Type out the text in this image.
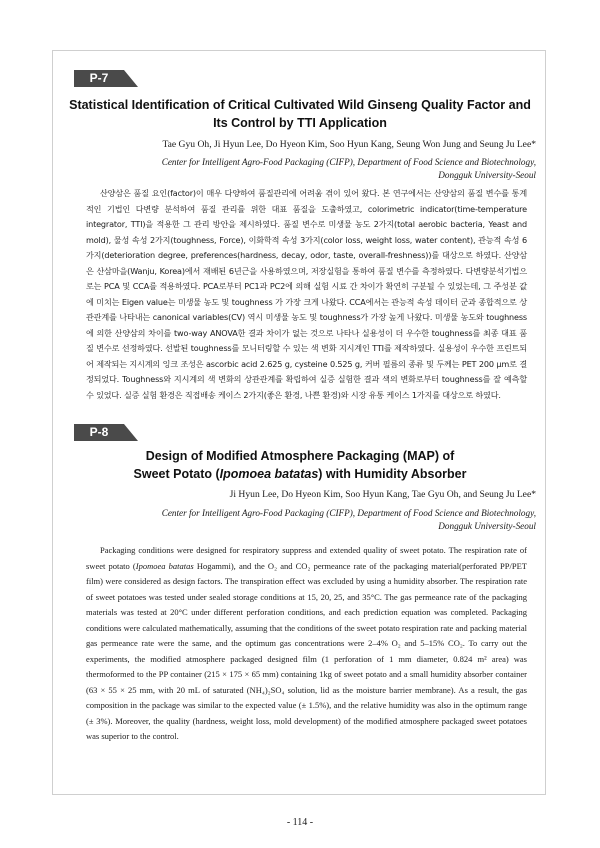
P-7
Statistical Identification of Critical Cultivated Wild Ginseng Quality Factor and
Its Control by TTI Application
Tae Gyu Oh, Ji Hyun Lee, Do Hyeon Kim, Soo Hyun Kang, Seung Won Jung and Seung Ju Lee*
Center for Intelligent Agro-Food Packaging (CIFP), Department of Food Science and Biotechnology,
Dongguk University-Seoul

산양삼은 품질 요인(factor)이 매우 다양하여 품질관리에 어려움 겪이 있어 왔다. 본 연구에서는 산양삼의 품질 변수를 통계적인 기법인 다변량 분석하여 품질 관리를 위한 대표 품질을 도출하였고, colorimetric indicator(time-temperature integrator, TTI)을 적용한 그 관리 방안을 제시하였다. 품질 변수로 미생물 농도 2가지(total aerobic bacteria, Yeast and mold), 물성 속성 2가지(toughness, Force), 이화학적 속성 3가지(color loss, weight loss, water content), 관능적 속성 6가지(deterioration degree, preferences(hardness, decay, odor, taste, overall-freshness))를 대상으로 하였다. 산양삼은 산삼마을(Wanju, Korea)에서 재배된 6년근을 사용하였으며, 저장실험을 통하여 품질 변수를 측정하였다. 다변량분석기법으로는 PCA 및 CCA를 적용하였다. PCA로부터 PC1과 PC2에 의해 실험 시료 간 차이가 확연히 구분될 수 있었는데, 그 주성분 값에 미치는 Eigen value는 미생물 농도 및 toughness 가 가장 크게 나왔다. CCA에서는 관능적 속성 데이터 군과 종합적으로 상관관계를 나타내는 canonical variables(CV) 역시 미생물 농도 및 toughness가 가장 높게 나왔다. 미생물 농도와 toughness에 의한 산양삼의 차이를 two-way ANOVA한 결과 차이가 없는 것으로 나타나 실용성이 더 우수한 toughness를 최종 대표 품질 변수로 선정하였다. 선발된 toughness를 모니터링할 수 있는 색 변화 지시계인 TTI를 제작하였다. 실용성이 우수한 프린트되어 제작되는 지시계의 잉크 조성은 ascorbic acid 2.625 g, cysteine 0.525 g, 커버 필름의 종류 및 두께는 PET 200 μm로 결정되었다. Toughness와 지시계의 색 변화의 상관관계를 확립하여 실증 실험한 결과 색의 변화로부터 toughness를 잘 예측할 수 있었다. 실증 실험 환경은 직접배송 케이스 2가지(좋은 환경, 나쁜 환경)와 시장 유통 케이스 1가지를 대상으로 하였다.

P-8
Design of Modified Atmosphere Packaging (MAP) of
Sweet Potato (Ipomoea batatas) with Humidity Absorber
Ji Hyun Lee, Do Hyeon Kim, Soo Hyun Kang, Tae Gyu Oh, and Seung Ju Lee*
Center for Intelligent Agro-Food Packaging (CIFP), Department of Food Science and Biotechnology,
Dongguk University-Seoul

Packaging conditions were designed for respiratory suppress and extended quality of sweet potato. The respiration rate of sweet potato (Ipomoea batatas Hogammi), and the O₂ and CO₂ permeance rate of the packaging material(perforated PP/PET film) were considered as design factors. The transpiration effect was excluded by using a humidity absorber. The respiration rate of sweet potatoes was tested under sealed storage conditions at 15, 20, 25, and 35°C. The gas permeance rate of the packaging materials was tested at 20°C under different perforation conditions, and each prediction equation was completed. Packaging conditions were calculated mathematically, assuming that the conditions of the sweet potato respiration rate and packing material gas permeance rate were the same, and the optimum gas concentrations were 2–4% O₂ and 5–15% CO₂. To carry out the experiments, the modified atmosphere packaged designed film (1 perforation of 1 mm diameter, 0.824 m² area) was thermoformed to the PP container (215 × 175 × 65 mm) containing 1kg of sweet potato and a small humidity absorber container (63 × 55 × 25 mm, with 20 mL of saturated (NH₄)₂SO₄ solution, lid as the moisture barrier membrane). As a result, the gas composition in the package was similar to the expected value (± 1.5%), and the relative humidity was also in the optimum range (± 3%). Moreover, the quality (hardness, weight loss, mold development) of the modified atmosphere packaged sweet potatoes was superior to the control.

- 114 -
